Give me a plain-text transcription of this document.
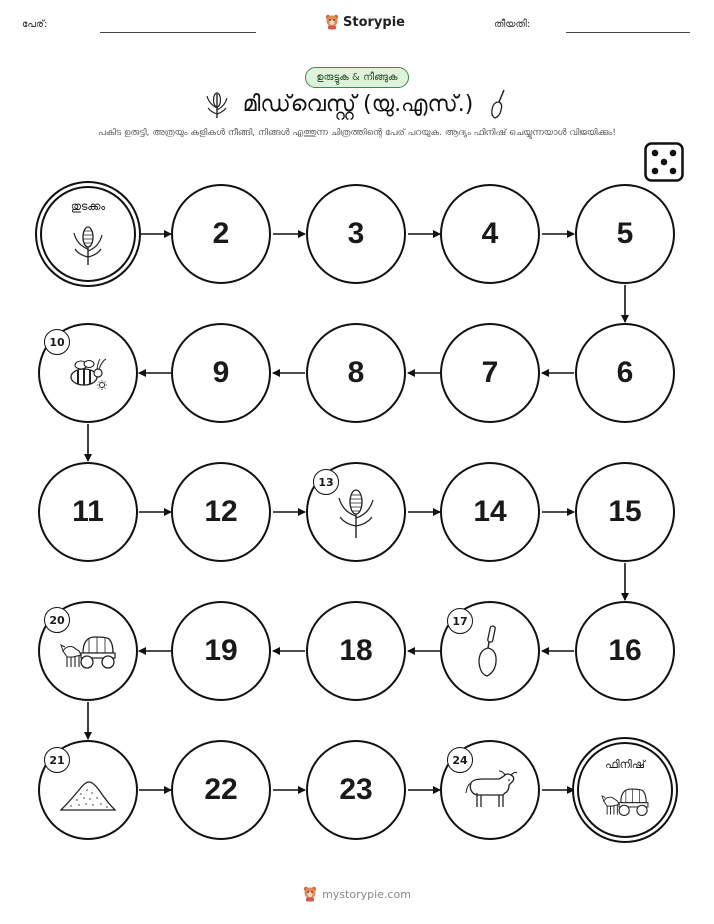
പേര്:	Storypie	തീയതി:
ഉരുട്ടുക & നീങ്ങുക
മിഡ്‌വെസ്റ്റ് (യു.എസ്.)
പകിട ഉരുട്ടി, അത്രയും കളികൾ നീങ്ങി, നിങ്ങൾ എത്തുന്ന ചിത്രത്തിന്റെ പേര് പറയുക. ആദ്യം ഫിനിഷ് ചെയ്യുന്നയാൾ വിജയിക്കും!
തുടക്കം
2	3	4	5
6
7
8
9
10
11	12
13
14	15
16
17
18
19
20
21
22	23
24	ഫിനിഷ്
mystorypie.com
